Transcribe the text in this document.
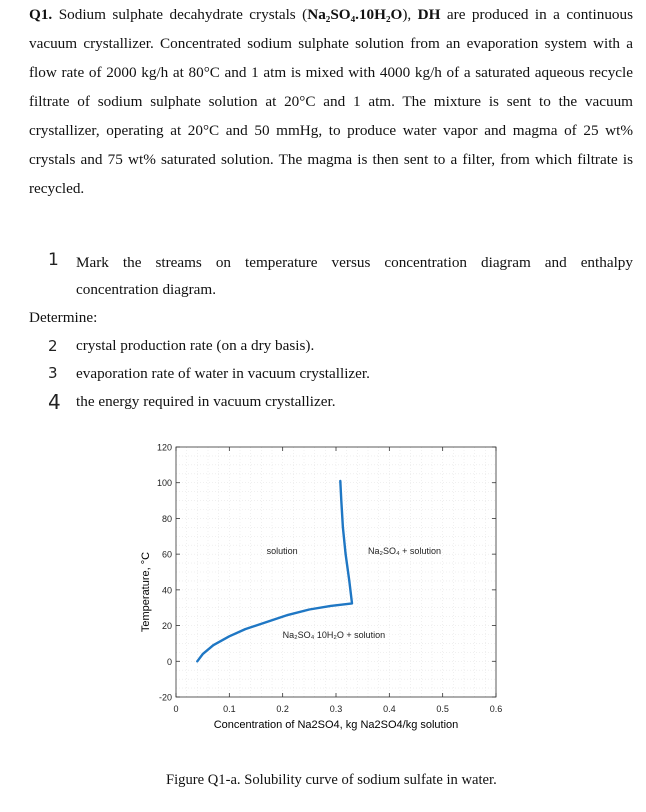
Q1. Sodium sulphate decahydrate crystals (Na₂SO₄.10H₂O), DH are produced in a continuous vacuum crystallizer. Concentrated sodium sulphate solution from an evaporation system with a flow rate of 2000 kg/h at 80°C and 1 atm is mixed with 4000 kg/h of a saturated aqueous recycle filtrate of sodium sulphate solution at 20°C and 1 atm. The mixture is sent to the vacuum crystallizer, operating at 20°C and 50 mmHg, to produce water vapor and magma of 25 wt% crystals and 75 wt% saturated solution. The magma is then sent to a filter, from which filtrate is recycled.
1 Mark the streams on temperature versus concentration diagram and enthalpy
concentration diagram.
Determine:
2 crystal production rate (on a dry basis).
3 evaporation rate of water in vacuum crystallizer.
4 the energy required in vacuum crystallizer.
Temperature, °C
Concentration of Na2SO4, kg Na2SO4/kg solution
-20
0
20
40
60
80
100
120
0	0.1	0.2	0.3	0.4	0.5	0.6
solution	Na₂SO₄ + solution
Na₂SO₄ 10H₂O + solution
Figure Q1-a. Solubility curve of sodium sulfate in water.
